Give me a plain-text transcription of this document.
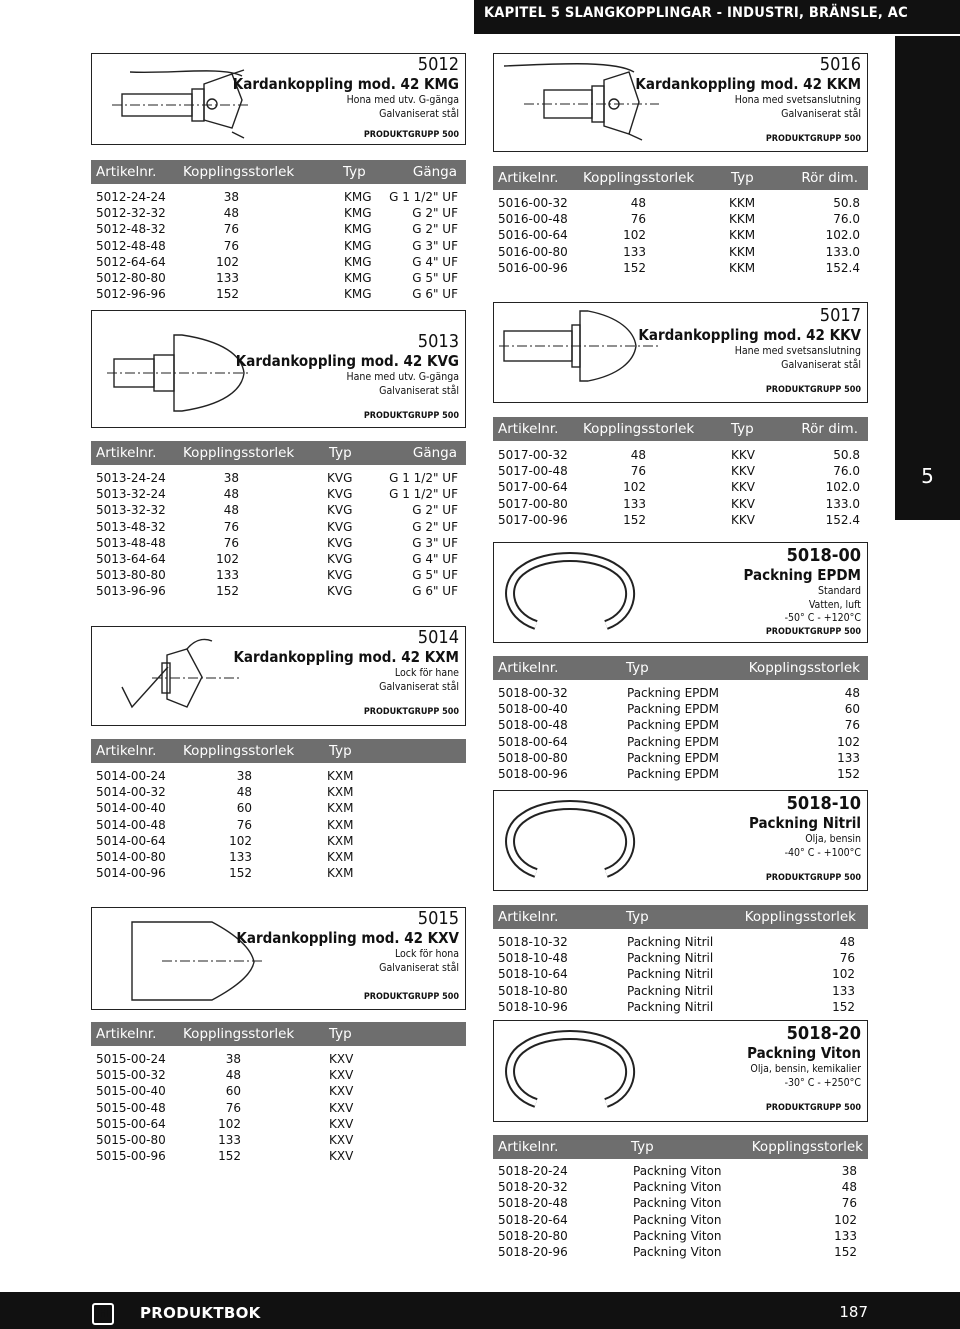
KAPITEL 5 SLANGKOPPLINGAR - INDUSTRI, BRÄNSLE, AC
5
5012
Kardankoppling mod. 42 KMG
Hona med utv. G-gänga
Galvaniserat stål
PRODUKTGRUPP 500
Artikelnr. Kopplingsstorlek	Typ	Gänga
5012-24-24	38	KMG G 1 1/2" UF
5012-32-32	48	KMG	G 2" UF
5012-48-32	76	KMG	G 2" UF
5012-48-48	76	KMG	G 3" UF
5012-64-64	102	KMG	G 4" UF
5012-80-80	133	KMG	G 5" UF
5012-96-96	152	KMG	G 6" UF
5013
Kardankoppling mod. 42 KVG
Hane med utv. G-gänga
Galvaniserat stål
PRODUKTGRUPP 500
Artikelnr. Kopplingsstorlek	Typ	Gänga
5013-24-24	38	KVG	G 1 1/2" UF
5013-32-24	48	KVG	G 1 1/2" UF
5013-32-32	48	KVG	G 2" UF
5013-48-32	76	KVG	G 2" UF
5013-48-48	76	KVG	G 3" UF
5013-64-64	102	KVG	G 4" UF
5013-80-80	133	KVG	G 5" UF
5013-96-96	152	KVG	G 6" UF
5014
Kardankoppling mod. 42 KXM
Lock för hane
Galvaniserat stål
PRODUKTGRUPP 500
Artikelnr. Kopplingsstorlek	Typ
5014-00-24	38	KXM
5014-00-32	48	KXM
5014-00-40	60	KXM
5014-00-48	76	KXM
5014-00-64	102	KXM
5014-00-80	133	KXM
5014-00-96	152	KXM
5015
Kardankoppling mod. 42 KXV
Lock för hona
Galvaniserat stål
PRODUKTGRUPP 500
Artikelnr. Kopplingsstorlek	Typ
5015-00-24	38	KXV
5015-00-32	48	KXV
5015-00-40	60	KXV
5015-00-48	76	KXV
5015-00-64	102	KXV
5015-00-80	133	KXV
5015-00-96	152	KXV
5016
Kardankoppling mod. 42 KKM
Hona med svetsanslutning
Galvaniserat stål
PRODUKTGRUPP 500
Artikelnr. Kopplingsstorlek	Typ	Rör dim.
5016-00-32	48	KKM	50.8
5016-00-48	76	KKM	76.0
5016-00-64	102	KKM	102.0
5016-00-80	133	KKM	133.0
5016-00-96	152	KKM	152.4
5017
Kardankoppling mod. 42 KKV
Hane med svetsanslutning
Galvaniserat stål
PRODUKTGRUPP 500
Artikelnr. Kopplingsstorlek	Typ	Rör dim.
5017-00-32	48	KKV	50.8
5017-00-48	76	KKV	76.0
5017-00-64	102	KKV	102.0
5017-00-80	133	KKV	133.0
5017-00-96	152	KKV	152.4
5018-00
Packning EPDM
Standard
Vatten, luft
-50° C - +120°C
PRODUKTGRUPP 500
Artikelnr.	Typ	Kopplingsstorlek
5018-00-32	Packning EPDM	48
5018-00-40	Packning EPDM	60
5018-00-48	Packning EPDM	76
5018-00-64	Packning EPDM	102
5018-00-80	Packning EPDM	133
5018-00-96	Packning EPDM	152
5018-10
Packning Nitril
Olja, bensin
-40° C - +100°C
PRODUKTGRUPP 500
Artikelnr.	Typ	Kopplingsstorlek
5018-10-32	Packning Nitril	48
5018-10-48	Packning Nitril	76
5018-10-64	Packning Nitril	102
5018-10-80	Packning Nitril	133
5018-10-96	Packning Nitril	152
5018-20
Packning Viton
Olja, bensin, kemikalier
-30° C - +250°C
PRODUKTGRUPP 500
Artikelnr.	Typ	Kopplingsstorlek
5018-20-24	Packning Viton	38
5018-20-32	Packning Viton	48
5018-20-48	Packning Viton	76
5018-20-64	Packning Viton	102
5018-20-80	Packning Viton	133
5018-20-96	Packning Viton	152
PRODUKTBOK	187
H
